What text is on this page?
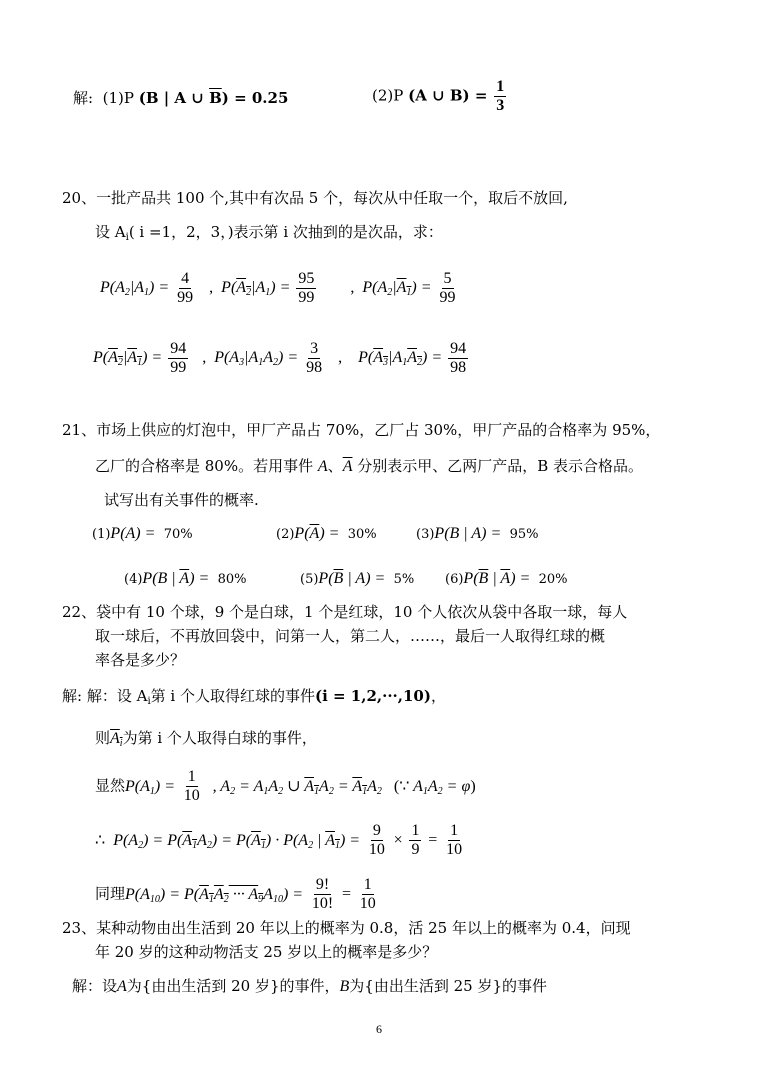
解: (1)P (B | A ∪ $\overline{B}) = 0.25$	(2)P (A ∪ $B) = \frac{1}{3}$
20、一批产品共 100 个,其中有次品 5 个，每次从中任取一个，取后不放回,
设 $A_i$( i =1，2，3，)表示第 i 次抽到的是次品，求：
$P(A_2|A_1) = \frac{4}{99}$ ,  $P(A_2|A_1) = \frac{95}{99}$ ,  $P(A_2|A_1) = \frac{5}{99}$
$P(A_2|A_1) = \frac{94}{99}$ ,  $P(A_3|A_1A_2) = \frac{3}{98}$ ,    $P(A_3|A_1A_2) = \frac{94}{98}$
21、市场上供应的灯泡中，甲厂产品占 70%，乙厂占 30%，甲厂产品的合格率为 95%，
乙厂的合格率是 80%。若用事件 A、$\overline{A}$ 分别表示甲、乙两厂产品，B 表示合格品。
试写出有关事件的概率.
(1)P(A) = 70%	$(2)P(\overline{A}) = 30\%$	(3)P(B | A) = 95%
(4)P(B | $\overline{A}) = 80\%$	$(5)P(\overline{B}$ | A) = 5% $(6)P(\overline{B}$ | $\overline{A}) = 20\%$
22、袋中有 10 个球，9 个是白球，1 个是红球，10 个人依次从袋中各取一球，每人
取一球后，不再放回袋中，问第一人，第二人，……，最后一人取得红球的概
率各是多少？
解: 解：设 $A_i$第 i 个人取得红球的事件(i = 1,2,···,10)，
则$A_i$为第 i 个人取得白球的事件，
显然$P(A_1) = \frac{1}{10}$ , $A_2 = A_1A_2$ ∪ $A_1A_2 = A_1A_2$ (∵ $A_1A_2 = \varphi$)
∴  $P(A_2) = P(A_1A_2) = P(A_1) \cdot P(A_2$ | $A_1) = \frac{9}{10} \times \frac{1}{9} = \frac{1}{10}$
同理$P(A_{10}) = P(A_1A_2$ ··· $A_9A_{10}) = \frac{9!}{10!} = \frac{1}{10}$
23、某种动物由出生活到 20 年以上的概率为 0.8，活 25 年以上的概率为 0.4，问现
年 20 岁的这种动物活支 25 岁以上的概率是多少？
解：设A为{由出生活到 20 岁}的事件，B为{由出生活到 25 岁}的事件
6
